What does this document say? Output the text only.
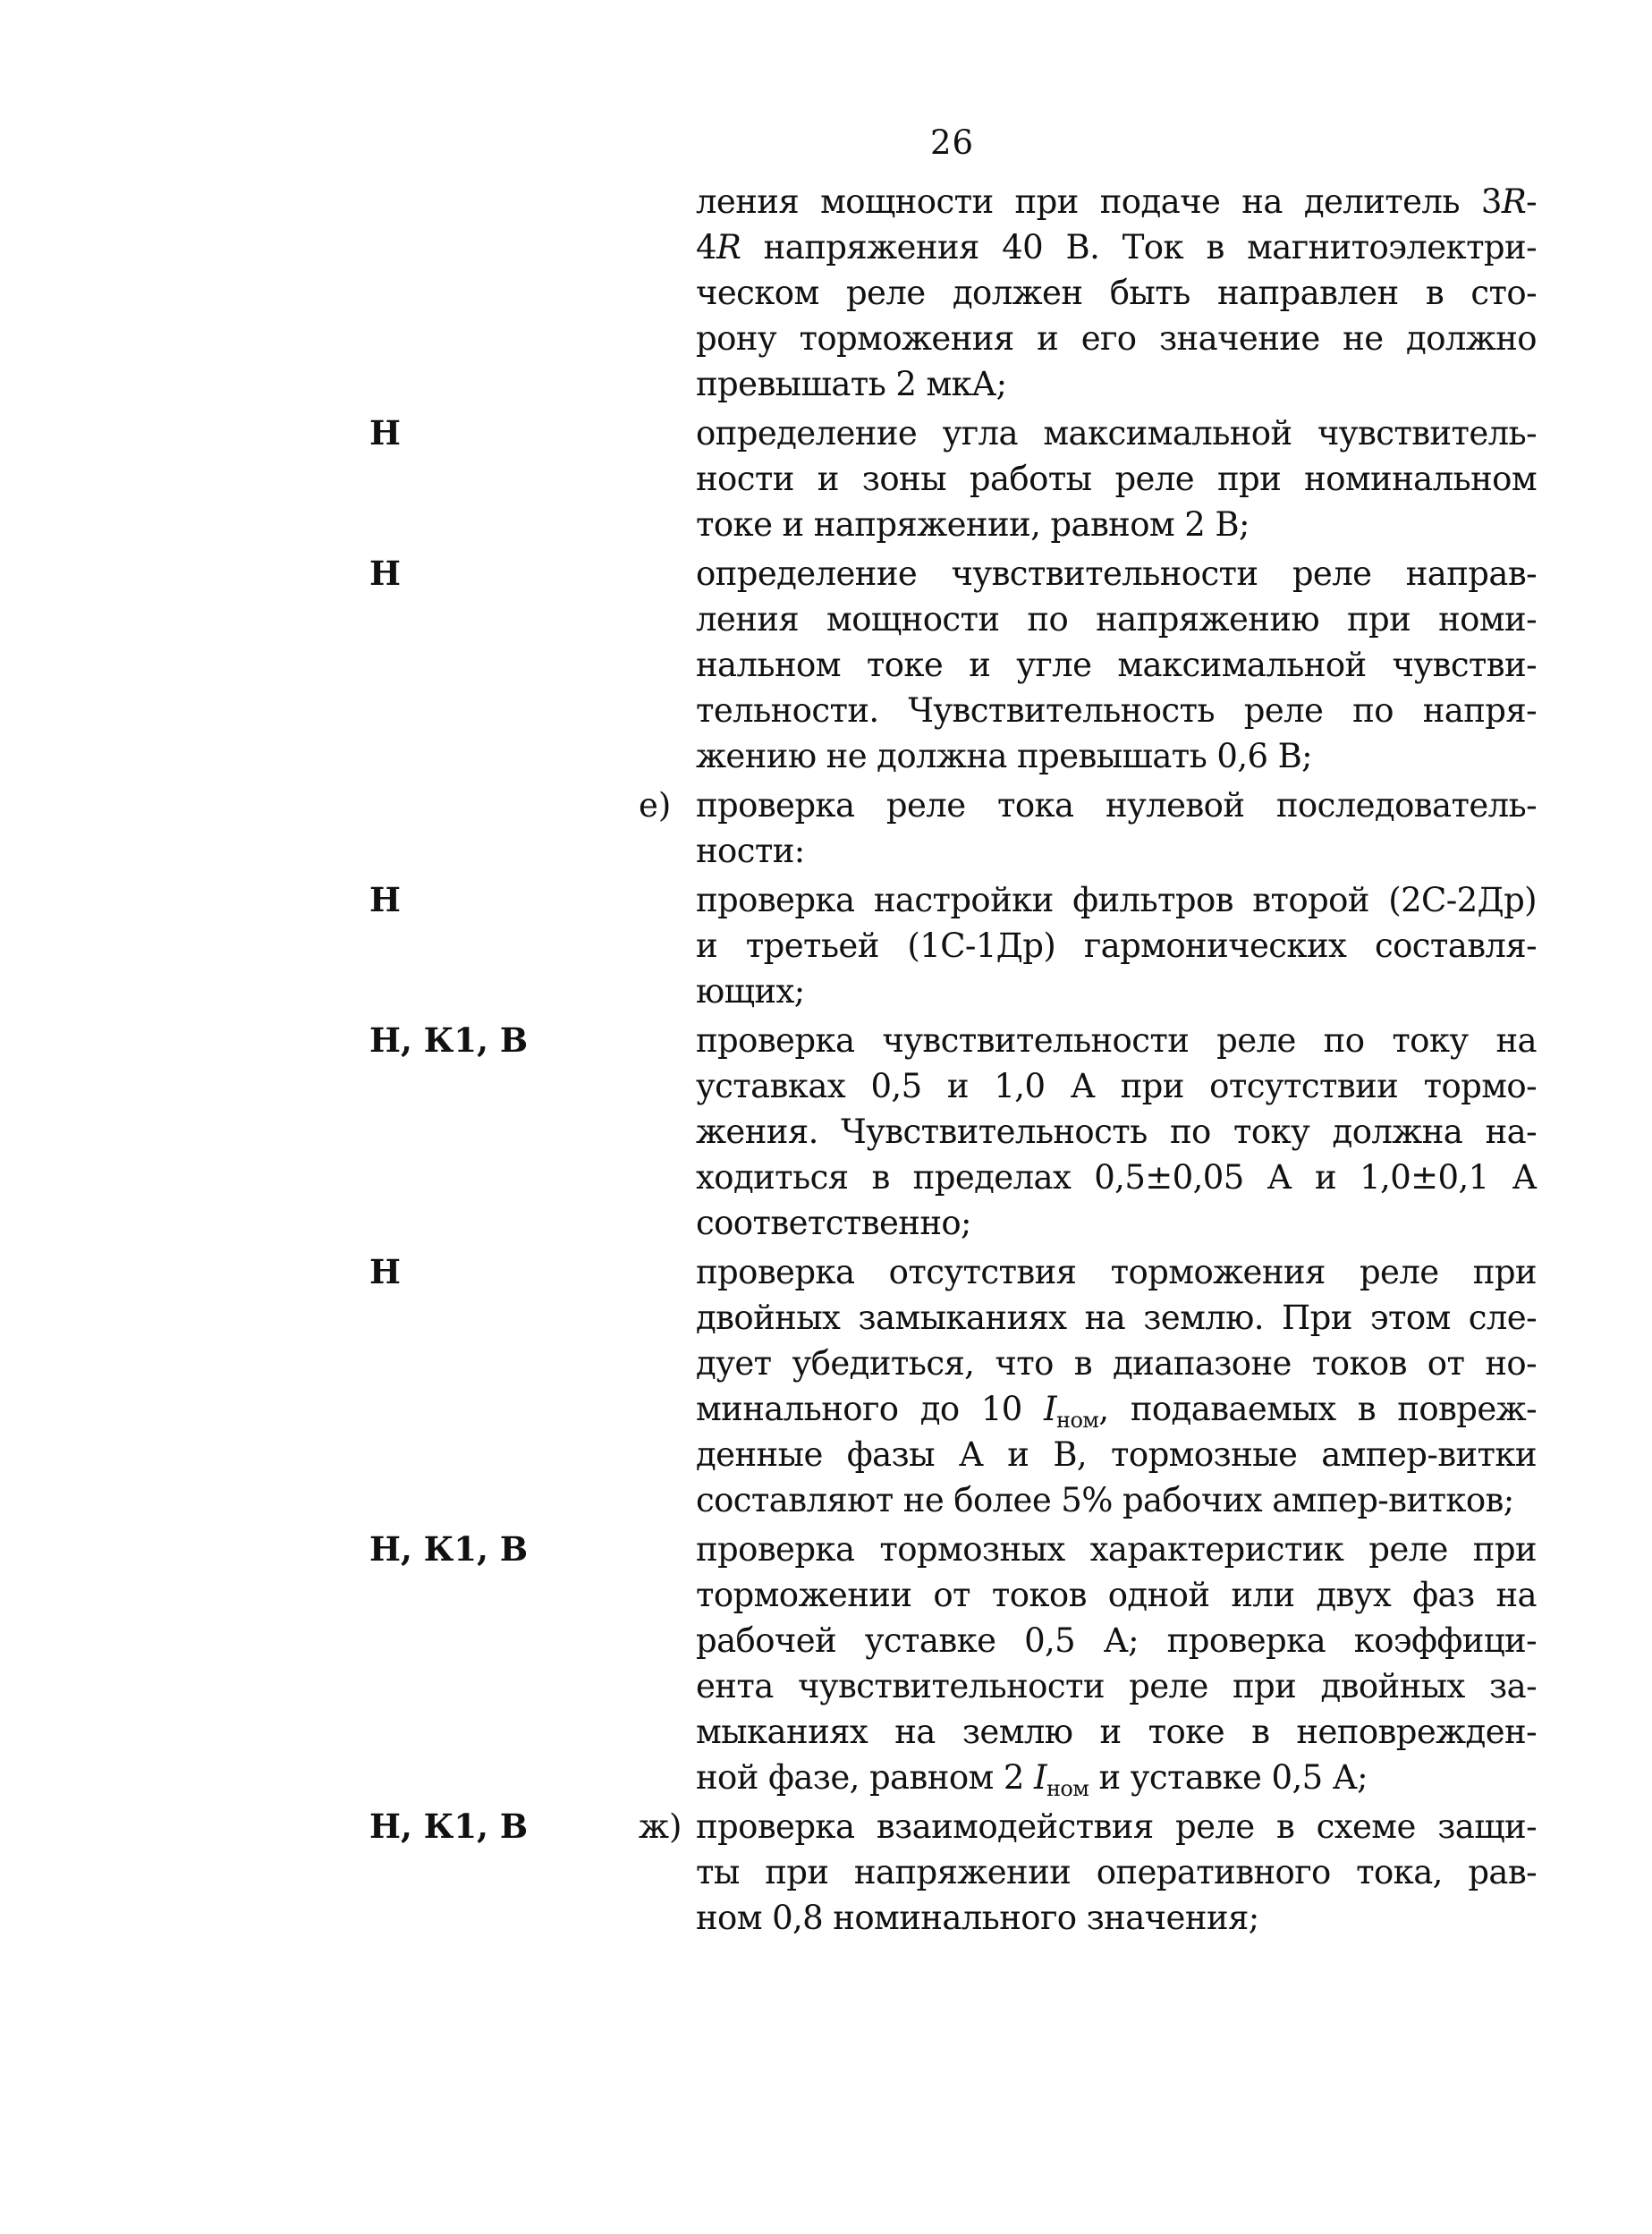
26
ления мощности при подаче на делитель 3R-
4R напряжения 40 В. Ток в магнитоэлектри-
ческом реле должен быть направлен в сто-
рону торможения и его значение не должно
превышать 2 мкА;
Н	определение угла максимальной чувствитель-
ности и зоны работы реле при номинальном
токе и напряжении, равном 2 В;
Н	определение чувствительности реле направ-
ления мощности по напряжению при номи-
нальном токе и угле максимальной чувстви-
тельности. Чувствительность реле по напря-
жению не должна превышать 0,6 В;
е) проверка реле тока нулевой последователь-
ности:
Н	проверка настройки фильтров второй (2С-2Др)
и третьей (1С-1Др) гармонических составля-
ющих;
Н, К1, В	проверка чувствительности реле по току на
уставках 0,5 и 1,0 А при отсутствии тормо-
жения. Чувствительность по току должна на-
ходиться в пределах 0,5±0,05 А и 1,0±0,1 А
соответственно;
Н	проверка отсутствия торможения реле при
двойных замыканиях на землю. При этом сле-
дует убедиться, что в диапазоне токов от но-
минального до 10 $I_{ном}$, подаваемых в повреж-
денные фазы А и В, тормозные ампер-витки
составляют не более 5% рабочих ампер-витков;
Н, К1, В	проверка тормозных характеристик реле при
торможении от токов одной или двух фаз на
рабочей уставке 0,5 А; проверка коэффици-
ента чувствительности реле при двойных за-
мыканиях на землю и токе в неповрежден-
ной фазе, равном 2 $I_{ном}$ и уставке 0,5 А;
Н, К1, В	ж) проверка взаимодействия реле в схеме защи-
ты при напряжении оперативного тока, рав-
ном 0,8 номинального значения;
